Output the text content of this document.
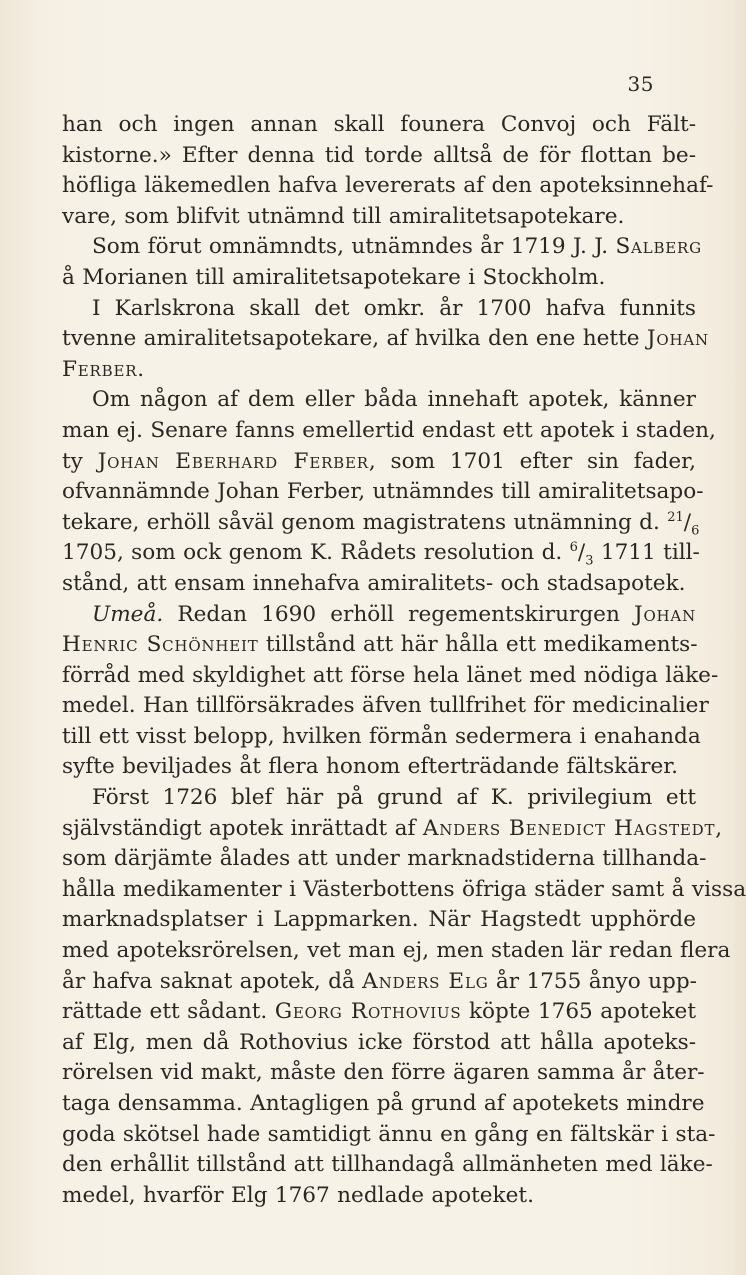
35
han och ingen annan skall founera Convoj och Fält-
kistorne.» Efter denna tid torde alltså de för flottan be-
höfliga läkemedlen hafva levererats af den apoteksinnehaf-
vare, som blifvit utnämnd till amiralitetsapotekare.
Som förut omnämndts, utnämndes år 1719 J. J. Salberg
å Morianen till amiralitetsapotekare i Stockholm.
I Karlskrona skall det omkr. år 1700 hafva funnits
tvenne amiralitetsapotekare, af hvilka den ene hette Johan
Ferber.
Om någon af dem eller båda innehaft apotek, känner
man ej. Senare fanns emellertid endast ett apotek i staden,
ty Johan Eberhard Ferber, som 1701 efter sin fader,
ofvannämnde Johan Ferber, utnämndes till amiralitetsapo-
tekare, erhöll såväl genom magistratens utnämning d. $^{21}/_6$
1705, som ock genom K. Rådets resolution d. $^6/_3$ 1711 till-
stånd, att ensam innehafva amiralitets- och stadsapotek.
Umeå. Redan 1690 erhöll regementskirurgen Johan
Henric Schönheit tillstånd att här hålla ett medikaments-
förråd med skyldighet att förse hela länet med nödiga läke-
medel. Han tillförsäkrades äfven tullfrihet för medicinalier
till ett visst belopp, hvilken förmån sedermera i enahanda
syfte beviljades åt flera honom efterträdande fältskärer.
Först 1726 blef här på grund af K. privilegium ett
självständigt apotek inrättadt af Anders Benedict Hagstedt,
som därjämte ålades att under marknadstiderna tillhanda-
hålla medikamenter i Västerbottens öfriga städer samt å vissa
marknadsplatser i Lappmarken. När Hagstedt upphörde
med apoteksrörelsen, vet man ej, men staden lär redan flera
år hafva saknat apotek, då Anders Elg år 1755 ånyo upp-
rättade ett sådant. Georg Rothovius köpte 1765 apoteket
af Elg, men då Rothovius icke förstod att hålla apoteks-
rörelsen vid makt, måste den förre ägaren samma år åter-
taga densamma. Antagligen på grund af apotekets mindre
goda skötsel hade samtidigt ännu en gång en fältskär i sta-
den erhållit tillstånd att tillhandagå allmänheten med läke-
medel, hvarför Elg 1767 nedlade apoteket.
